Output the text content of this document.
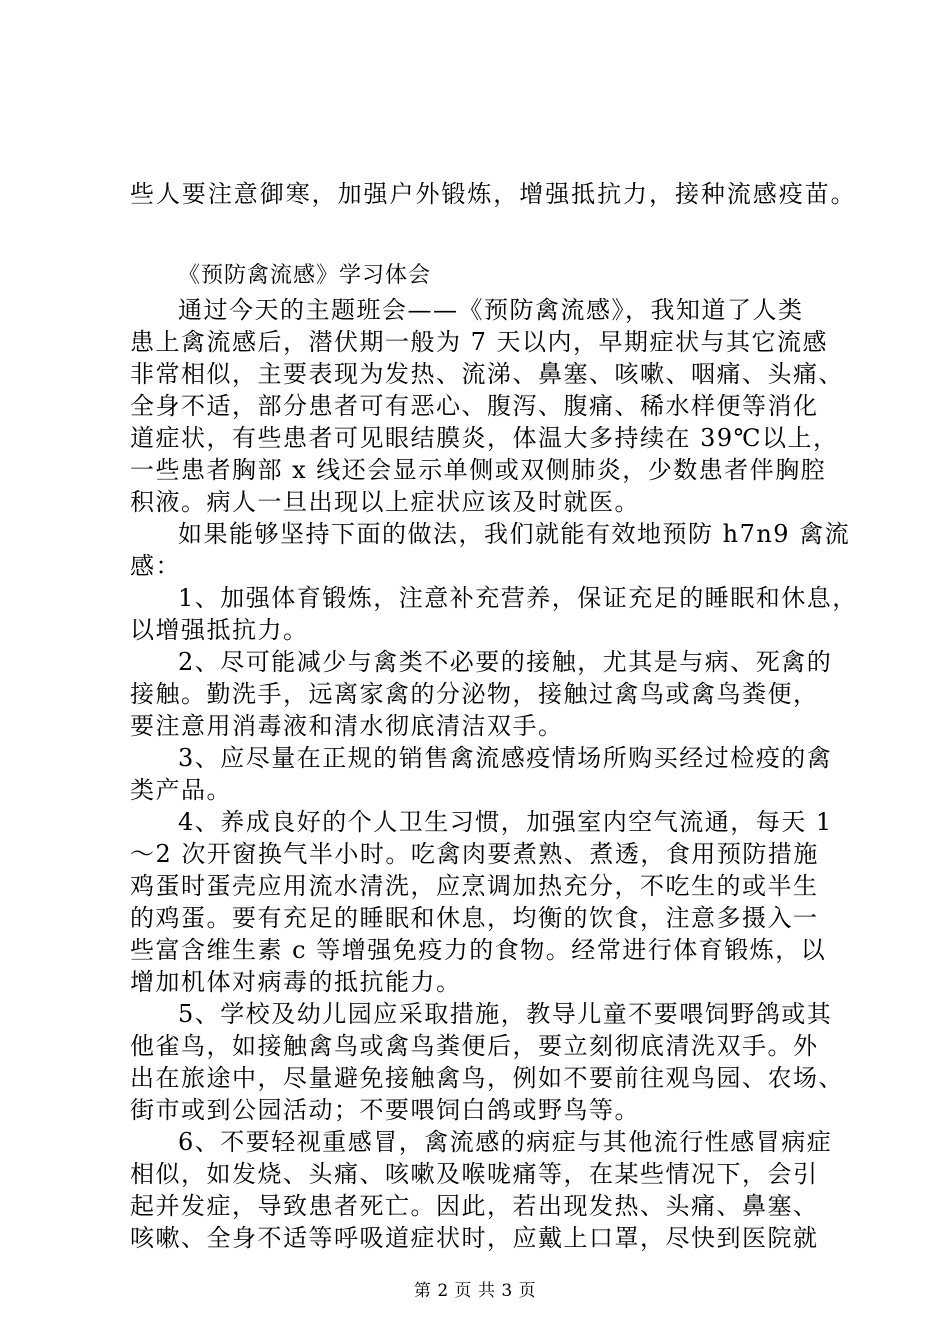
些人要注意御寒，加强户外锻炼，增强抵抗力，接种流感疫苗。

《预防禽流感》学习体会

通过今天的主题班会——《预防禽流感》，我知道了人类

患上禽流感后，潜伏期一般为 7 天以内，早期症状与其它流感

非常相似，主要表现为发热、流涕、鼻塞、咳嗽、咽痛、头痛、

全身不适，部分患者可有恶心、腹泻、腹痛、稀水样便等消化

道症状，有些患者可见眼结膜炎，体温大多持续在 39℃以上，

一些患者胸部 x 线还会显示单侧或双侧肺炎，少数患者伴胸腔

积液。病人一旦出现以上症状应该及时就医。

如果能够坚持下面的做法，我们就能有效地预防 h7n9 禽流

感：

1、加强体育锻炼，注意补充营养，保证充足的睡眠和休息，

以增强抵抗力。

2、尽可能减少与禽类不必要的接触，尤其是与病、死禽的

接触。勤洗手，远离家禽的分泌物，接触过禽鸟或禽鸟粪便，

要注意用消毒液和清水彻底清洁双手。

3、应尽量在正规的销售禽流感疫情场所购买经过检疫的禽

类产品。

4、养成良好的个人卫生习惯，加强室内空气流通，每天 1

～2 次开窗换气半小时。吃禽肉要煮熟、煮透，食用预防措施

鸡蛋时蛋壳应用流水清洗，应烹调加热充分，不吃生的或半生

的鸡蛋。要有充足的睡眠和休息，均衡的饮食，注意多摄入一

些富含维生素 c 等增强免疫力的食物。经常进行体育锻炼，以

增加机体对病毒的抵抗能力。

5、学校及幼儿园应采取措施，教导儿童不要喂饲野鸽或其

他雀鸟，如接触禽鸟或禽鸟粪便后，要立刻彻底清洗双手。外

出在旅途中，尽量避免接触禽鸟，例如不要前往观鸟园、农场、

街市或到公园活动；不要喂饲白鸽或野鸟等。

6、不要轻视重感冒，禽流感的病症与其他流行性感冒病症

相似，如发烧、头痛、咳嗽及喉咙痛等，在某些情况下，会引

起并发症，导致患者死亡。因此，若出现发热、头痛、鼻塞、

咳嗽、全身不适等呼吸道症状时，应戴上口罩，尽快到医院就

第 2 页 共 3 页
